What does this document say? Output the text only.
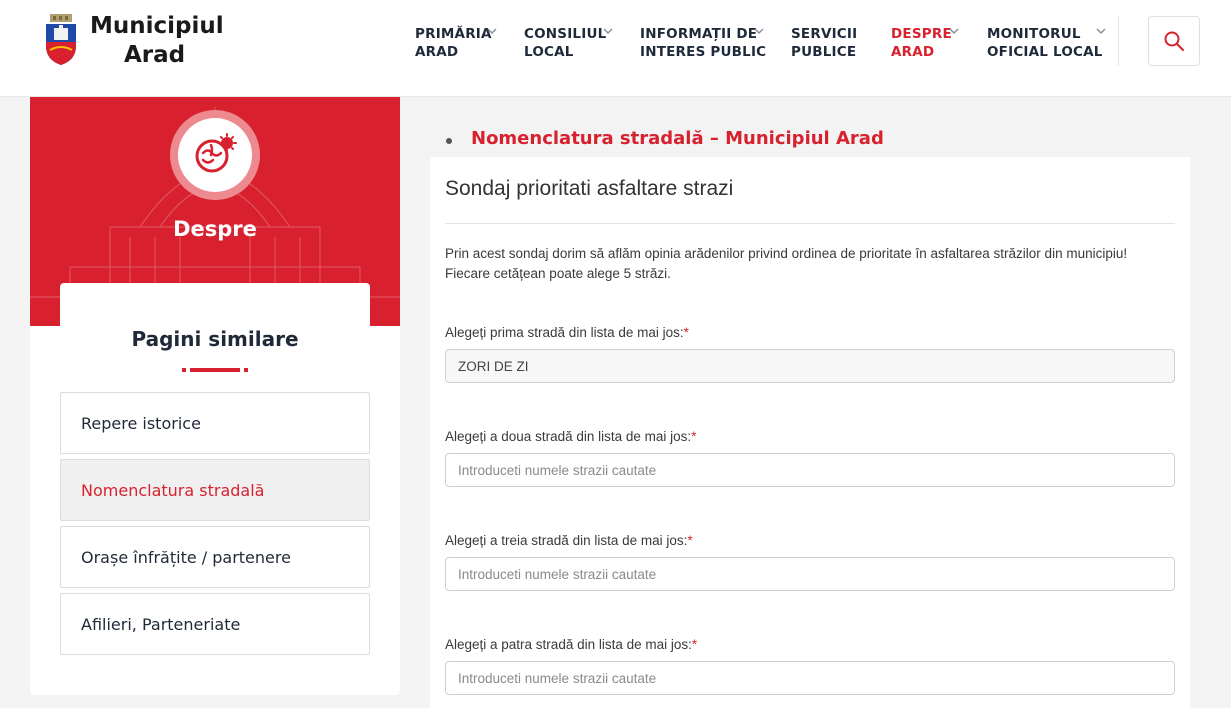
Municipiul
Arad
PRIMĂRIA
ARAD
CONSILIUL
LOCAL
INFORMAȚII DE
INTERES PUBLIC
SERVICII
PUBLICE
DESPRE
ARAD
MONITORUL
OFICIAL LOCAL
Despre
Pagini similare
Repere istorice
Nomenclatura stradală
Orașe înfrățite / partenere
Afilieri, Parteneriate
Nomenclatura stradală – Municipiul Arad
Sondaj prioritati asfaltare strazi
Prin acest sondaj dorim să aflăm opinia arădenilor privind ordinea de prioritate în asfaltarea străzilor din municipiu!
Fiecare cetățean poate alege 5 străzi.
Alegeți prima stradă din lista de mai jos:*
ZORI DE ZI
Alegeți a doua stradă din lista de mai jos:*
Introduceti numele strazii cautate
Alegeți a treia stradă din lista de mai jos:*
Introduceti numele strazii cautate
Alegeți a patra stradă din lista de mai jos:*
Introduceti numele strazii cautate
